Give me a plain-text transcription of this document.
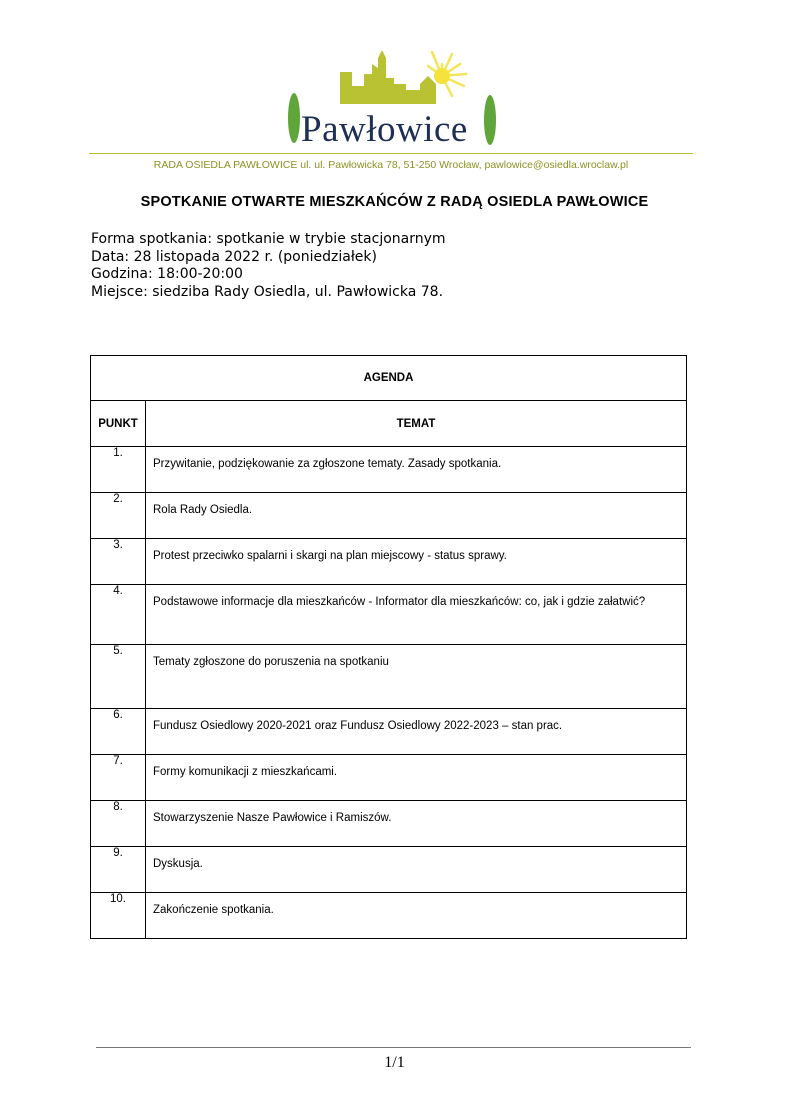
Pawłowice
RADA OSIEDLA PAWŁOWICE ul. ul. Pawłowicka 78, 51-250 Wrocław, pawlowice@osiedla.wroclaw.pl
SPOTKANIE OTWARTE MIESZKAŃCÓW Z RADĄ OSIEDLA PAWŁOWICE
Forma spotkania: spotkanie w trybie stacjonarnym
Data: 28 listopada 2022 r. (poniedziałek)
Godzina: 18:00-20:00
Miejsce: siedziba Rady Osiedla, ul. Pawłowicka 78.
AGENDA	
PUNKT	TEMAT
1.	Przywitanie, podziękowanie za zgłoszone tematy. Zasady spotkania.
2.	Rola Rady Osiedla.
3.	Protest przeciwko spalarni i skargi na plan miejscowy - status sprawy.
4.	Podstawowe informacje dla mieszkańców - Informator dla mieszkańców: co, jak i gdzie załatwić?
5.	Tematy zgłoszone do poruszenia na spotkaniu
6.	Fundusz Osiedlowy 2020-2021 oraz Fundusz Osiedlowy 2022-2023 – stan prac.
7.	Formy komunikacji z mieszkańcami.
8.	Stowarzyszenie Nasze Pawłowice i Ramiszów.
9.	Dyskusja.
10.	Zakończenie spotkania.
1/1
